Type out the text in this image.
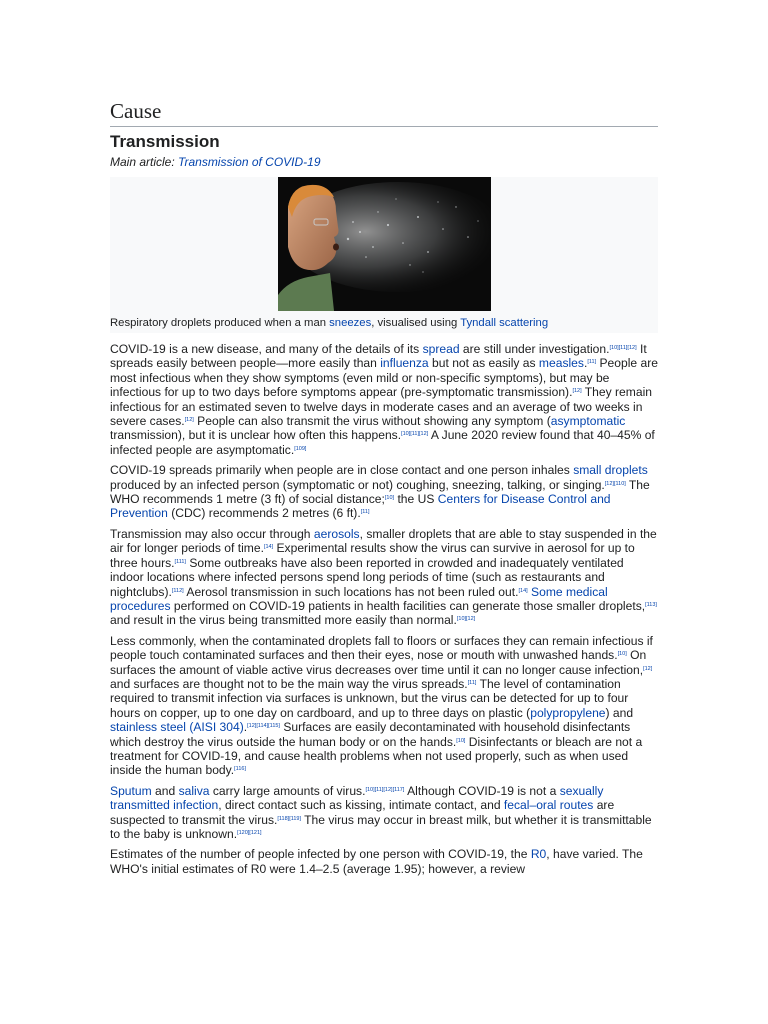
Cause
Transmission
Main article: Transmission of COVID-19
Respiratory droplets produced when a man sneezes, visualised using Tyndall scattering

COVID-19 is a new disease, and many of the details of its spread are still under investigation.[10][11][12] It spreads easily between people—more easily than influenza but not as easily as measles.[11] People are most infectious when they show symptoms (even mild or non-specific symptoms), but may be infectious for up to two days before symptoms appear (pre-symptomatic transmission).[12] They remain infectious for an estimated seven to twelve days in moderate cases and an average of two weeks in severe cases.[12] People can also transmit the virus without showing any symptom (asymptomatic transmission), but it is unclear how often this happens.[10][11][12] A June 2020 review found that 40–45% of infected people are asymptomatic.[109]

COVID-19 spreads primarily when people are in close contact and one person inhales small droplets produced by an infected person (symptomatic or not) coughing, sneezing, talking, or singing.[12][110] The WHO recommends 1 metre (3 ft) of social distance;[10] the US Centers for Disease Control and Prevention (CDC) recommends 2 metres (6 ft).[11]

Transmission may also occur through aerosols, smaller droplets that are able to stay suspended in the air for longer periods of time.[14] Experimental results show the virus can survive in aerosol for up to three hours.[111] Some outbreaks have also been reported in crowded and inadequately ventilated indoor locations where infected persons spend long periods of time (such as restaurants and nightclubs).[112] Aerosol transmission in such locations has not been ruled out.[14] Some medical procedures performed on COVID-19 patients in health facilities can generate those smaller droplets,[113] and result in the virus being transmitted more easily than normal.[10][12]

Less commonly, when the contaminated droplets fall to floors or surfaces they can remain infectious if people touch contaminated surfaces and then their eyes, nose or mouth with unwashed hands.[10] On surfaces the amount of viable active virus decreases over time until it can no longer cause infection,[12] and surfaces are thought not to be the main way the virus spreads.[11] The level of contamination required to transmit infection via surfaces is unknown, but the virus can be detected for up to four hours on copper, up to one day on cardboard, and up to three days on plastic (polypropylene) and stainless steel (AISI 304).[12][114][115] Surfaces are easily decontaminated with household disinfectants which destroy the virus outside the human body or on the hands.[10] Disinfectants or bleach are not a treatment for COVID-19, and cause health problems when not used properly, such as when used inside the human body.[116]

Sputum and saliva carry large amounts of virus.[10][11][12][117] Although COVID-19 is not a sexually transmitted infection, direct contact such as kissing, intimate contact, and fecal–oral routes are suspected to transmit the virus.[118][119] The virus may occur in breast milk, but whether it is transmittable to the baby is unknown.[120][121]

Estimates of the number of people infected by one person with COVID-19, the R0, have varied. The WHO's initial estimates of R0 were 1.4–2.5 (average 1.95); however, a review
